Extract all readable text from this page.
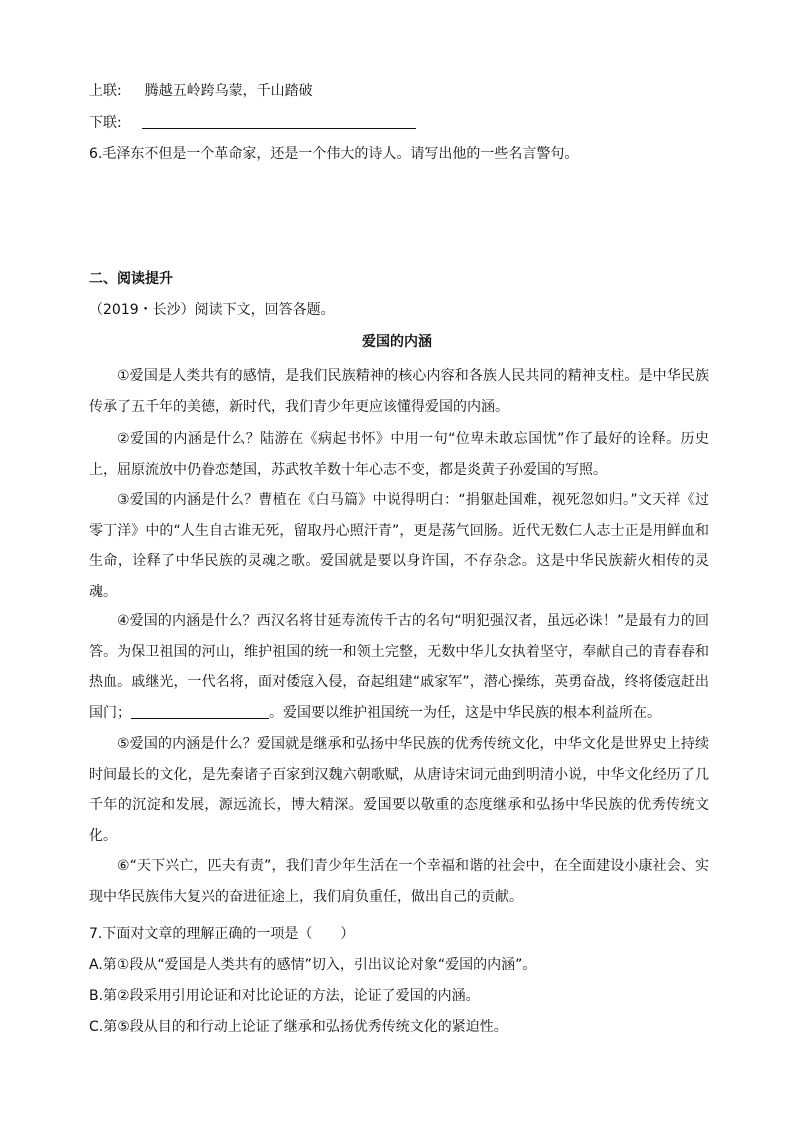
上联: 腾越五岭跨乌蒙，千山踏破
下联:
6.毛泽东不但是一个革命家，还是一个伟大的诗人。请写出他的一些名言警句。
二、阅读提升
（2019・长沙）阅读下文，回答各题。
爱国的内涵
①爱国是人类共有的感情，是我们民族精神的核心内容和各族人民共同的精神支柱。是中华民族传承了五千年的美德，新时代，我们青少年更应该懂得爱国的内涵。
②爱国的内涵是什么？陆游在《病起书怀》中用一句“位卑未敢忘国忧”作了最好的诠释。历史上，屈原流放中仍眷恋楚国，苏武牧羊数十年心志不变，都是炎黄子孙爱国的写照。
③爱国的内涵是什么？曹植在《白马篇》中说得明白：“捐躯赴国难，视死忽如归。”文天祥《过零丁洋》中的“人生自古谁无死，留取丹心照汗青”，更是荡气回肠。近代无数仁人志士正是用鲜血和生命，诠释了中华民族的灵魂之歌。爱国就是要以身许国，不存杂念。这是中华民族薪火相传的灵魂。
④爱国的内涵是什么？西汉名将甘延寿流传千古的名句“明犯强汉者，虽远必诛！”是最有力的回答。为保卫祖国的河山，维护祖国的统一和领土完整，无数中华儿女执着坚守，奉献自己的青春春和热血。戚继光，一代名将，面对倭寇入侵，奋起组建“戚家军”，潜心操练，英勇奋战，终将倭寇赶出国门；	。爱国要以维护祖国统一为任，这是中华民族的根本利益所在。
⑤爱国的内涵是什么？爱国就是继承和弘扬中华民族的优秀传统文化，中华文化是世界史上持续时间最长的文化，是先秦诸子百家到汉魏六朝歌赋，从唐诗宋词元曲到明清小说，中华文化经历了几千年的沉淀和发展，源远流长，博大精深。爱国要以敬重的态度继承和弘扬中华民族的优秀传统文化。
⑥“天下兴亡，匹夫有责”，我们青少年生活在一个幸福和谐的社会中，在全面建设小康社会、实现中华民族伟大复兴的奋进征途上，我们肩负重任，做出自己的贡献。
7.下面对文章的理解正确的一项是（　　）
A.第①段从“爱国是人类共有的感情”切入，引出议论对象“爱国的内涵”。
B.第②段采用引用论证和对比论证的方法，论证了爱国的内涵。
C.第⑤段从目的和行动上论证了继承和弘扬优秀传统文化的紧迫性。
